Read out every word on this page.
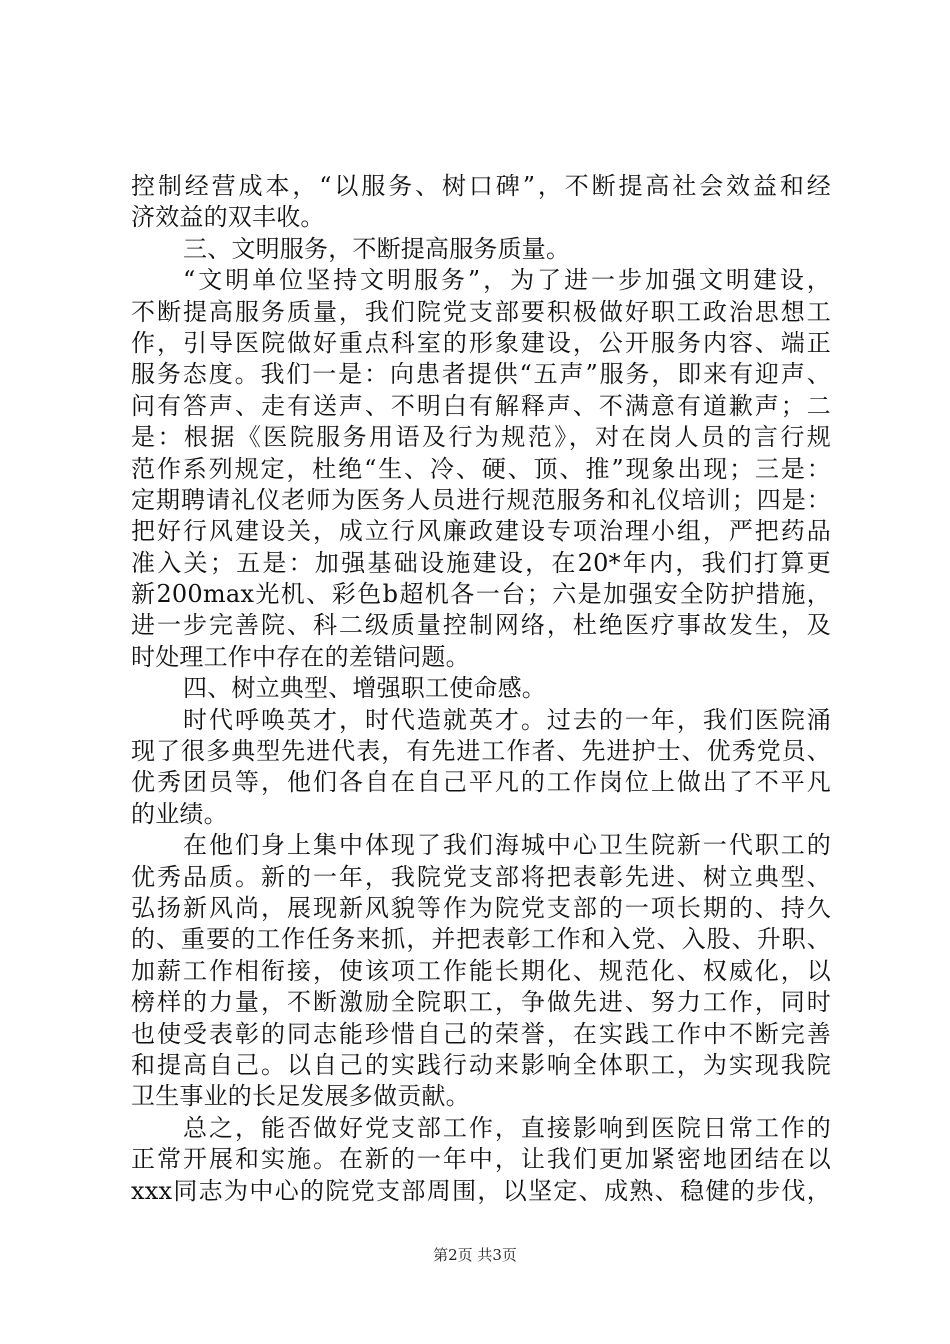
控制经营成本，“以服务、树口碑”，不断提高社会效益和经
济效益的双丰收。
三、文明服务，不断提高服务质量。
“文明单位坚持文明服务”，为了进一步加强文明建设，
不断提高服务质量，我们院党支部要积极做好职工政治思想工
作，引导医院做好重点科室的形象建设，公开服务内容、端正
服务态度。我们一是：向患者提供“五声”服务，即来有迎声、
问有答声、走有送声、不明白有解释声、不满意有道歉声；二
是：根据《医院服务用语及行为规范》，对在岗人员的言行规
范作系列规定，杜绝“生、冷、硬、顶、推”现象出现；三是：
定期聘请礼仪老师为医务人员进行规范服务和礼仪培训；四是：
把好行风建设关，成立行风廉政建设专项治理小组，严把药品
准入关；五是：加强基础设施建设，在20*年内，我们打算更
新200max光机、彩色b超机各一台；六是加强安全防护措施，
进一步完善院、科二级质量控制网络，杜绝医疗事故发生，及
时处理工作中存在的差错问题。
四、树立典型、增强职工使命感。
时代呼唤英才，时代造就英才。过去的一年，我们医院涌
现了很多典型先进代表，有先进工作者、先进护士、优秀党员、
优秀团员等，他们各自在自己平凡的工作岗位上做出了不平凡
的业绩。
在他们身上集中体现了我们海城中心卫生院新一代职工的
优秀品质。新的一年，我院党支部将把表彰先进、树立典型、
弘扬新风尚，展现新风貌等作为院党支部的一项长期的、持久
的、重要的工作任务来抓，并把表彰工作和入党、入股、升职、
加薪工作相衔接，使该项工作能长期化、规范化、权威化，以
榜样的力量，不断激励全院职工，争做先进、努力工作，同时
也使受表彰的同志能珍惜自己的荣誉，在实践工作中不断完善
和提高自己。以自己的实践行动来影响全体职工，为实现我院
卫生事业的长足发展多做贡献。
总之，能否做好党支部工作，直接影响到医院日常工作的
正常开展和实施。在新的一年中，让我们更加紧密地团结在以
xxx同志为中心的院党支部周围，以坚定、成熟、稳健的步伐，
第2页 共3页
